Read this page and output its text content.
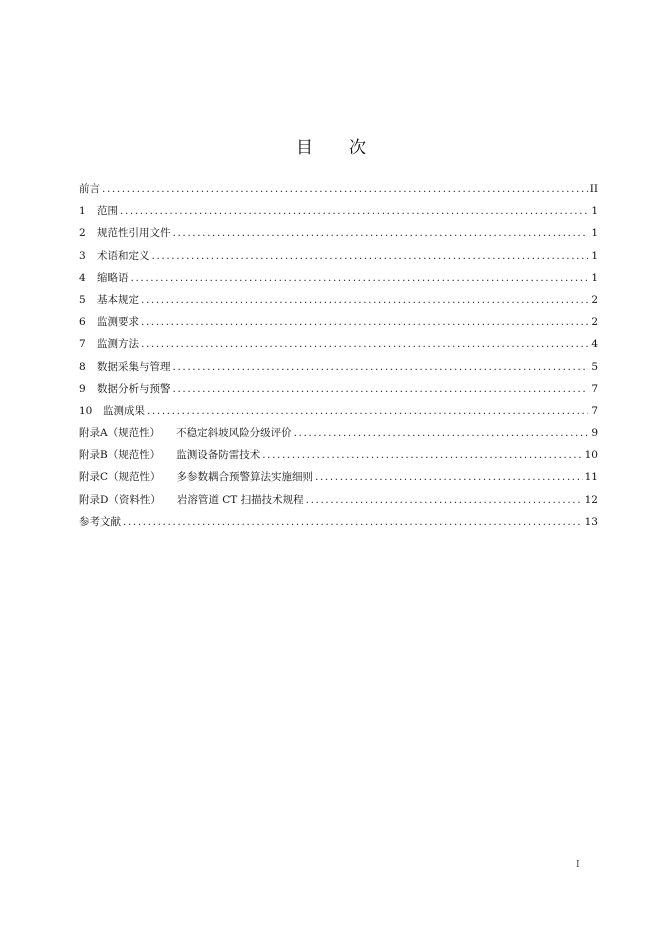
目 次
前言 .....	II
1	范围 .....	1
2	规范性引用文件 .....	1
3	术语和定义 .....	1
4	缩略语 .....	1
5	基本规定 .....	2
6	监测要求 .....	2
7	监测方法 .....	4
8	数据采集与管理 .....	5
9	数据分析与预警 .....	7
10	监测成果 .....	7
附录A（规范性） 不稳定斜坡风险分级评价 .....	9
附录B（规范性） 监测设备防雷技术 .....	10
附录C（规范性） 多参数耦合预警算法实施细则 .....	11
附录D（资料性） 岩溶管道 CT 扫描技术规程 .....	12
参考文献 .....	13
I
